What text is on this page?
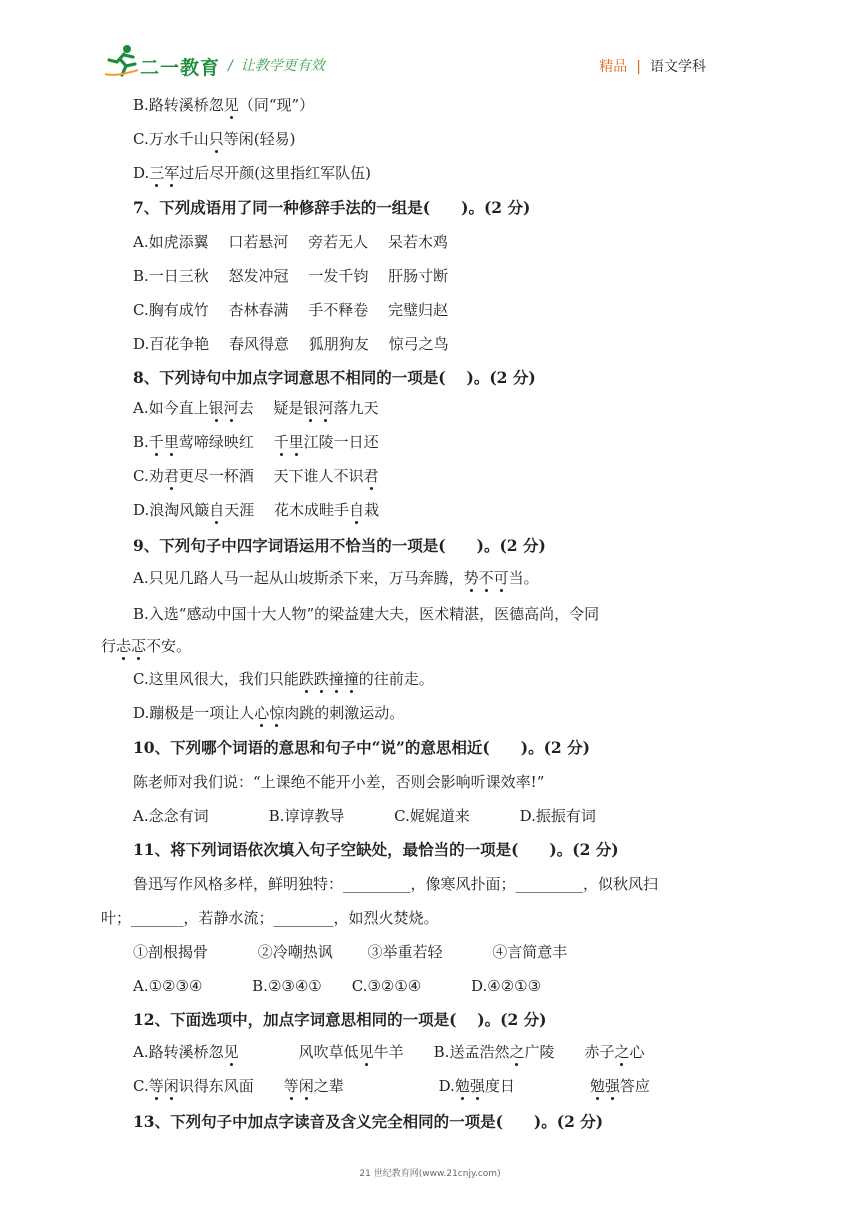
二一教育 / 让教学更有效	精品 | 语文学科
B.路转溪桥忽见（同“现”）
C.万水千山只等闲(轻易)
D.三军过后尽开颜(这里指红军队伍)
7、下列成语用了同一种修辞手法的一组是(　　)。(2 分)
A.如虎添翼　 口若悬河　 旁若无人　 呆若木鸡
B.一日三秋　 怒发冲冠　 一发千钧　 肝肠寸断
C.胸有成竹　 杏林春满　 手不释卷　 完璧归赵
D.百花争艳　 春风得意　 狐朋狗友　 惊弓之鸟
8、下列诗句中加点字词意思不相同的一项是(　 )。(2 分)
A.如今直上银河去　 疑是银河落九天
B.千里莺啼绿映红　 千里江陵一日还
C.劝君更尽一杯酒　 天下谁人不识君
D.浪淘风簸自天涯　 花木成畦手自栽
9、下列句子中四字词语运用不恰当的一项是(　　)。(2 分)
A.只见几路人马一起从山坡斯杀下来，万马奔腾，势不可当。
B.入选“感动中国十大人物”的梁益建大夫，医术精湛，医德高尚，令同
行忐忑不安。
C.这里风很大，我们只能跌跌撞撞的往前走。
D.蹦极是一项让人心惊肉跳的刺激运动。
10、下列哪个词语的意思和句子中“说”的意思相近(　　)。(2 分)
陈老师对我们说：“上课绝不能开小差，否则会影响听课效率!”
A.念念有词　　　　B.谆谆教导　　　 C.娓娓道来　　　 D.振振有词
11、将下列词语依次填入句子空缺处，最恰当的一项是(　　)。(2 分)
鲁迅写作风格多样，鲜明独特：_________，像寒风扑面；_________，似秋风扫
叶；_______，若静水流；________，如烈火焚烧。
①剖根揭骨　　　 ②冷嘲热讽　　 ③举重若轻　　　 ④言简意丰
A.①②③④　　　 B.②③④①　　C.③②①④　　　 D.④②①③
12、下面选项中，加点字词意思相同的一项是(　 )。(2 分)
A.路转溪桥忽见　　　　风吹草低见牛羊　　B.送孟浩然之广陵　　赤子之心
C.等闲识得东风面　　等闲之辈　　　　　　 D.勉强度日　　　　　勉强答应
13、下列句子中加点字读音及含义完全相同的一项是(　　)。(2 分)
21 世纪教育网(www.21cnjy.com)
